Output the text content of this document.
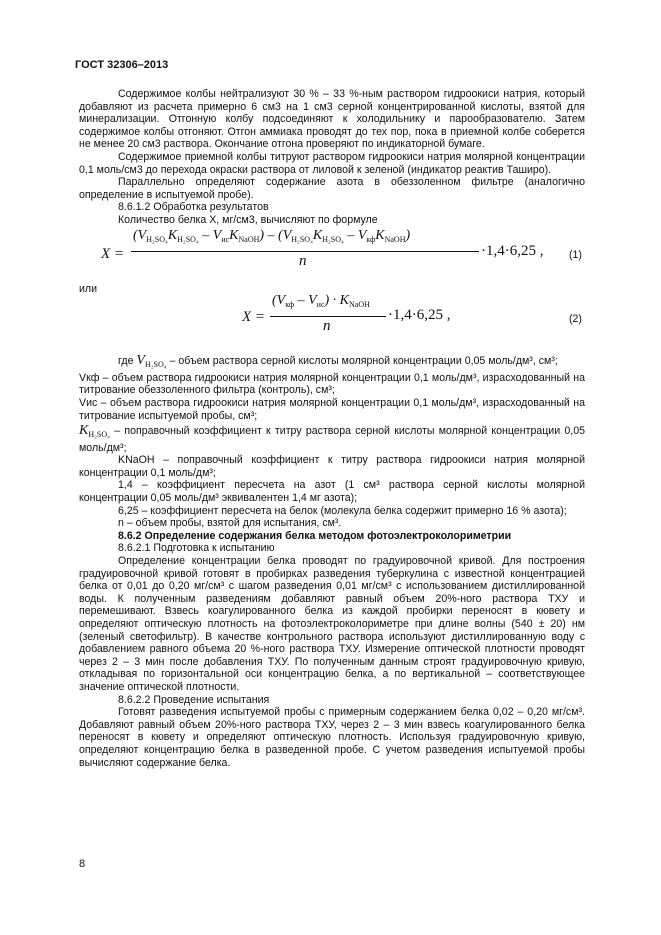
ГОСТ 32306–2013

Содержимое колбы нейтрализуют 30 % – 33 %-ным раствором гидроокиси натрия, который добавляют из расчета примерно 6 см3 на 1 см3 серной концентрированной кислоты, взятой для минерализации. Отгонную колбу подсоединяют к холодильнику и парообразователю. Затем содержимое колбы отгоняют. Отгон аммиака проводят до тех пор, пока в приемной колбе соберется не менее 20 см3 раствора. Окончание отгона проверяют по индикаторной бумаге.

Содержимое приемной колбы титруют раствором гидроокиси натрия молярной концентрации 0,1 моль/см3 до перехода окраски раствора от лиловой к зеленой (индикатор реактив Таширо).

Параллельно определяют содержание азота в обеззоленном фильтре (аналогично определение в испытуемой пробе).

8.6.1.2 Обработка результатов

Количество белка Х, мг/см3, вычисляют по формуле

X =
$(V_{H_2SO_4}K_{H_2SO_4} - V_{ис}K_{NaOH}) - (V_{H_2SO_4}K_{H_2SO_4} - V_{кф}K_{NaOH})$
n
·1,4·6,25 , (1)

или

X =
$(V_{кф} - V_{ис}) \cdot K_{NaOH}$
n
·1,4·6,25 ,	(2)

где $V_{H_2SO_4}$ – объем раствора серной кислоты молярной концентрации 0,05 моль/дм³, см³;

Vкф – объем раствора гидроокиси натрия молярной концентрации 0,1 моль/дм³, израсходованный на титрование обеззоленного фильтра (контроль), см³;

Vис – объем раствора гидроокиси натрия молярной концентрации 0,1 моль/дм³, израсходованный на титрование испытуемой пробы, см³;

$K_{H_2SO_4}$ – поправочный коэффициент к титру раствора серной кислоты молярной концентрации 0,05 моль/дм³;

KNaOH – поправочный коэффициент к титру раствора гидроокиси натрия молярной концентрации 0,1 моль/дм³;

1,4 – коэффициент пересчета на азот (1 см³ раствора серной кислоты молярной концентрации 0,05 моль/дм³ эквивалентен 1,4 мг азота);

6,25 – коэффициент пересчета на белок (молекула белка содержит примерно 16 % азота);

n – объем пробы, взятой для испытания, см³.

8.6.2 Определение содержания белка методом фотоэлектроколориметрии

8.6.2.1 Подготовка к испытанию

Определение концентрации белка проводят по градуировочной кривой. Для построения градуировочной кривой готовят в пробирках разведения туберкулина с известной концентрацией белка от 0,01 до 0,20 мг/см³ с шагом разведения 0,01 мг/см³ с использованием дистиллированной воды. К полученным разведениям добавляют равный объем 20%-ного раствора ТХУ и перемешивают. Взвесь коагулированного белка из каждой пробирки переносят в кювету и определяют оптическую плотность на фотоэлектроколориметре при длине волны (540 ± 20) нм (зеленый светофильтр). В качестве контрольного раствора используют дистиллированную воду с добавлением равного объема 20 %-ного раствора ТХУ. Измерение оптической плотности проводят через 2 – 3 мин после добавления ТХУ. По полученным данным строят градуировочную кривую, откладывая по горизонтальной оси концентрацию белка, а по вертикальной – соответствующее значение оптической плотности.

8.6.2.2 Проведение испытания

Готовят разведения испытуемой пробы с примерным содержанием белка 0,02 – 0,20 мг/см³. Добавляют равный объем 20%-ного раствора ТХУ, через 2 – 3 мин взвесь коагулированного белка переносят в кювету и определяют оптическую плотность. Используя градуировочную кривую, определяют концентрацию белка в разведенной пробе. С учетом разведения испытуемой пробы вычисляют содержание белка.

8
